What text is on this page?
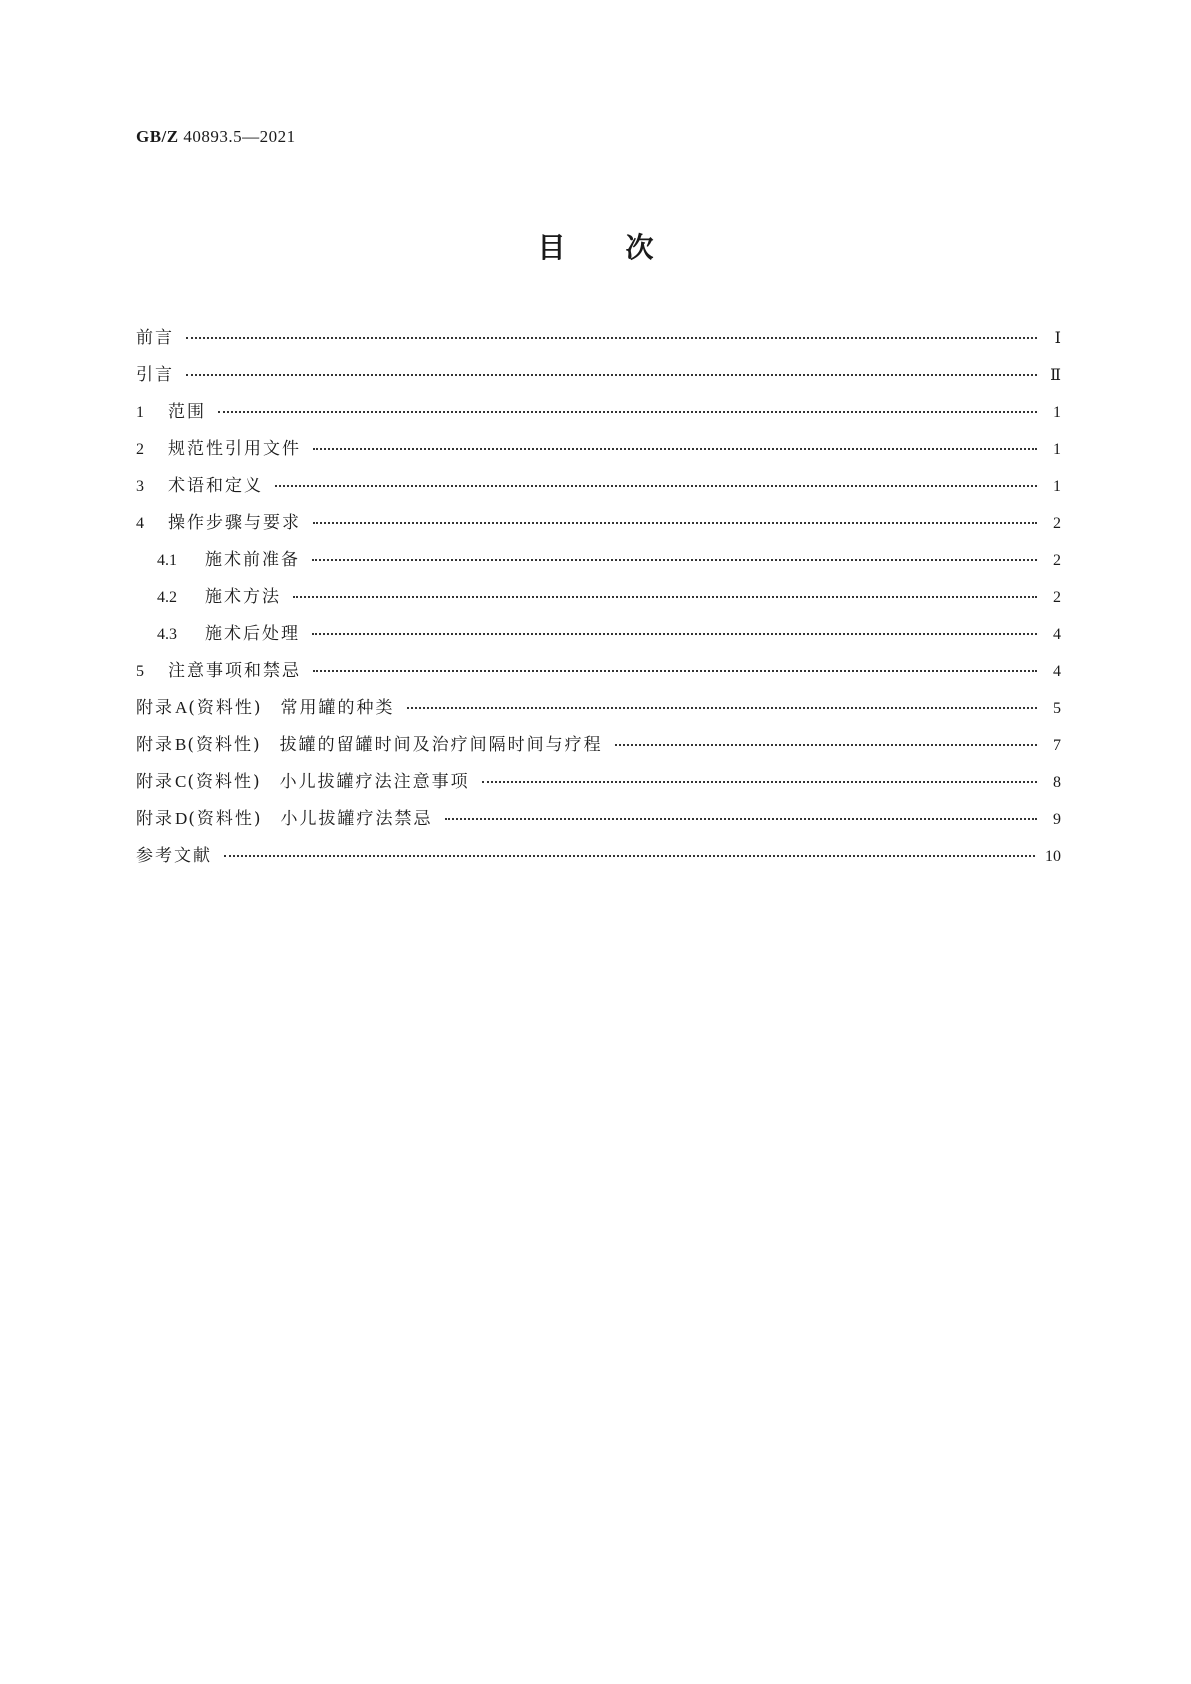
GB/Z 40893.5—2021
目次
前言	Ⅰ
引言	Ⅱ
1	范围	1
2	规范性引用文件	1
3	术语和定义	1
4	操作步骤与要求	2
4.1	施术前准备	2
4.2	施术方法	2
4.3	施术后处理	4
5	注意事项和禁忌	4
附录 A (资料性) 常用罐的种类	5
附录 B (资料性) 拔罐的留罐时间及治疗间隔时间与疗程	7
附录 C (资料性) 小儿拔罐疗法注意事项	8
附录 D (资料性) 小儿拔罐疗法禁忌	9
参考文献	10
